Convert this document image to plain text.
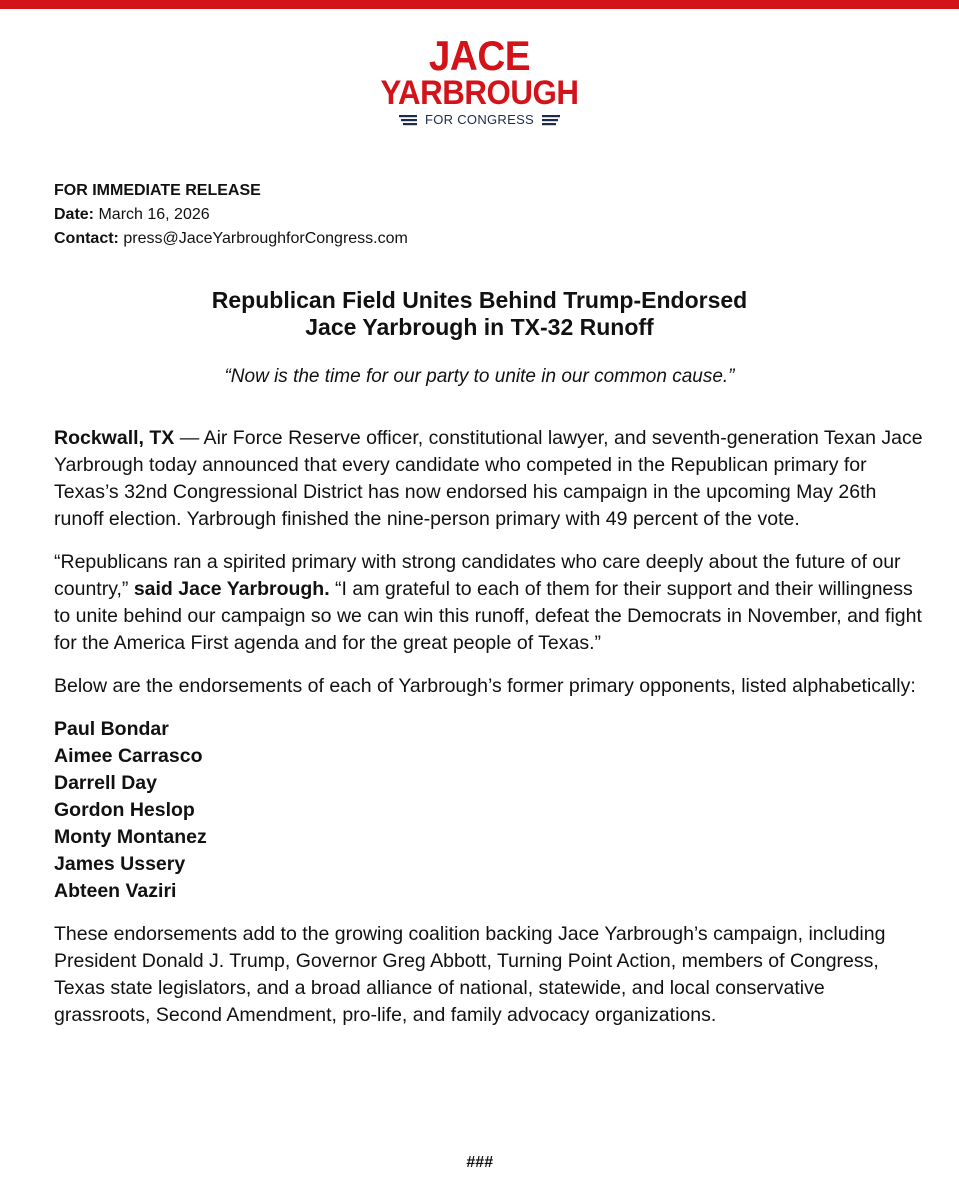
JACE
YARBROUGH
FOR CONGRESS
FOR IMMEDIATE RELEASE
Date: March 16, 2026
Contact: press@JaceYarbroughforCongress.com
Republican Field Unites Behind Trump-Endorsed
Jace Yarbrough in TX-32 Runoff
“Now is the time for our party to unite in our common cause.”

Rockwall, TX — Air Force Reserve officer, constitutional lawyer, and seventh-generation Texan Jace Yarbrough today announced that every candidate who competed in the Republican primary for Texas’s 32nd Congressional District has now endorsed his campaign in the upcoming May 26th runoff election. Yarbrough finished the nine-person primary with 49 percent of the vote.

“Republicans ran a spirited primary with strong candidates who care deeply about the future of our country,” said Jace Yarbrough. “I am grateful to each of them for their support and their willingness to unite behind our campaign so we can win this runoff, defeat the Democrats in November, and fight for the America First agenda and for the great people of Texas.”

Below are the endorsements of each of Yarbrough’s former primary opponents, listed alphabetically:

Paul Bondar
Aimee Carrasco
Darrell Day
Gordon Heslop
Monty Montanez
James Ussery
Abteen Vaziri

These endorsements add to the growing coalition backing Jace Yarbrough’s campaign, including President Donald J. Trump, Governor Greg Abbott, Turning Point Action, members of Congress, Texas state legislators, and a broad alliance of national, statewide, and local conservative grassroots, Second Amendment, pro-life, and family advocacy organizations.

###
